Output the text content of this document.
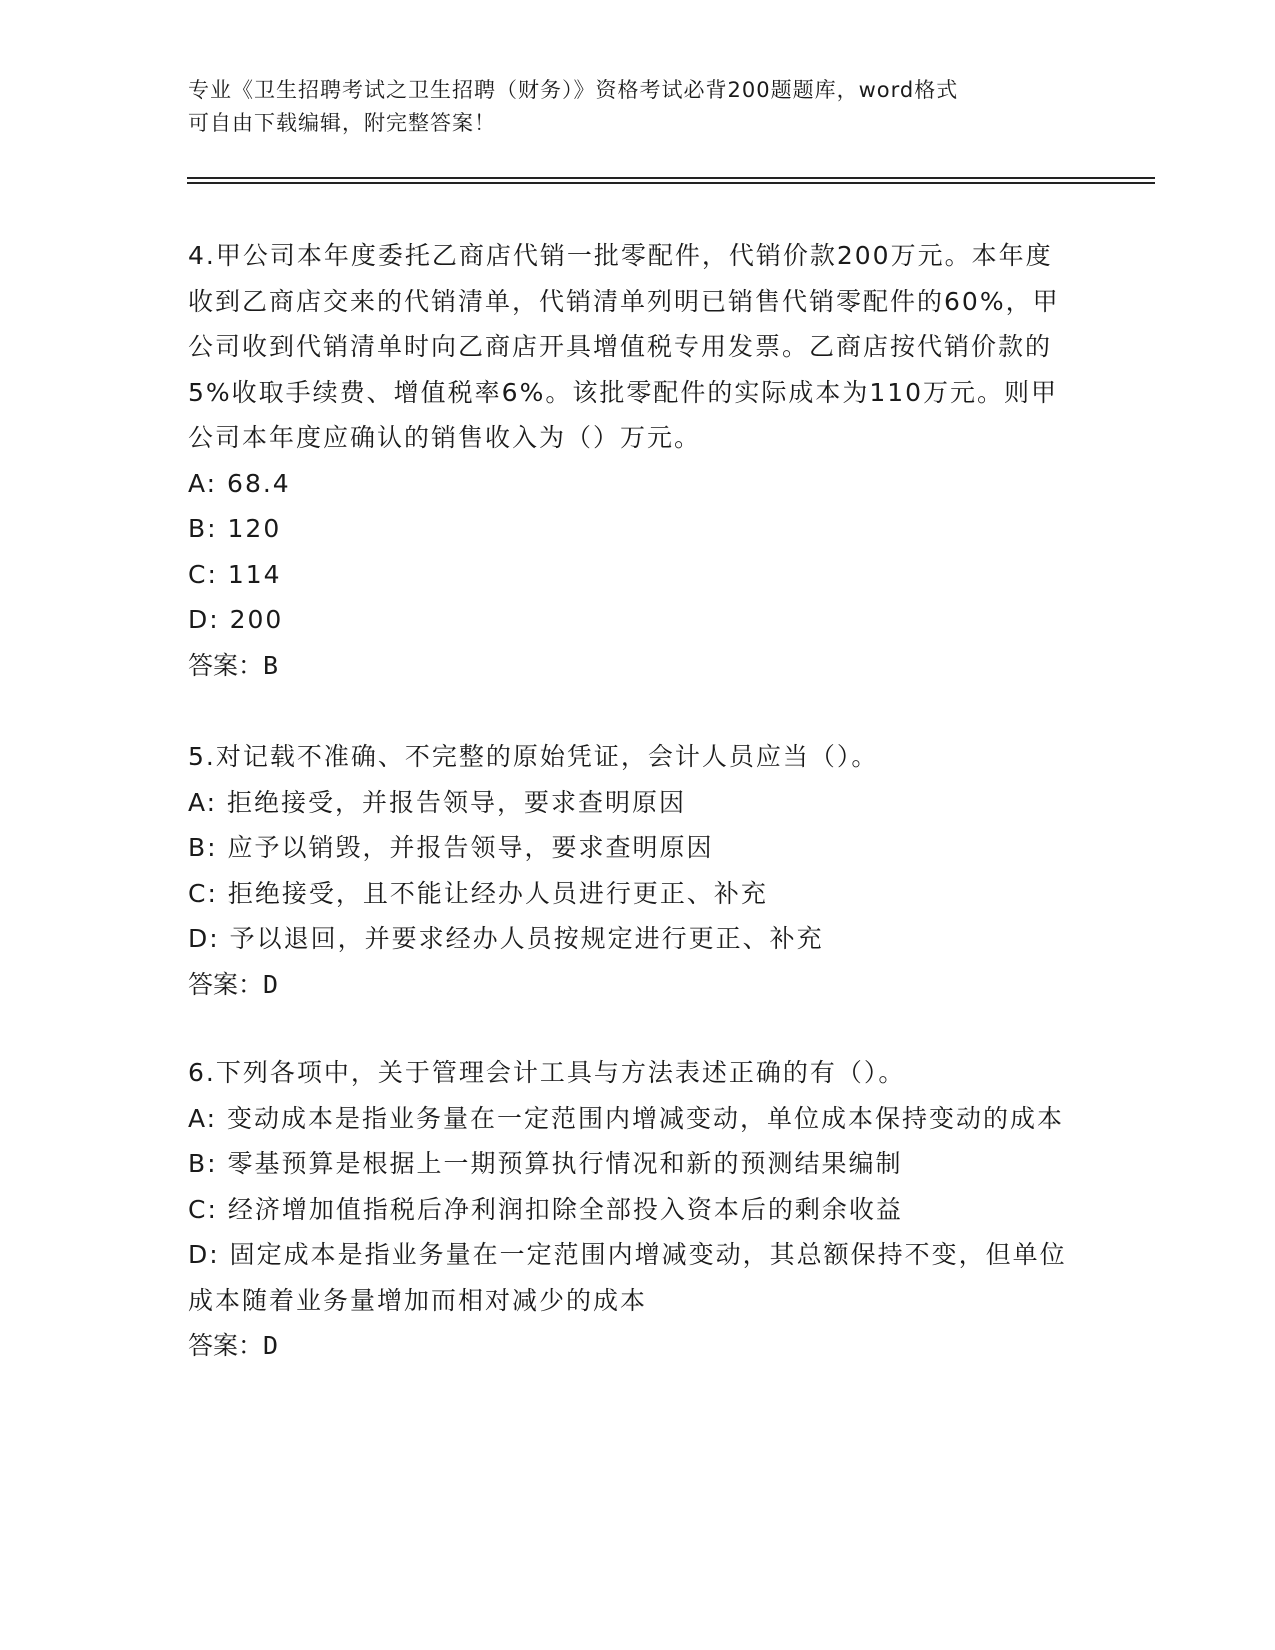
专业《卫生招聘考试之卫生招聘（财务）》资格考试必背200题题库，word格式
可自由下载编辑，附完整答案！

4.甲公司本年度委托乙商店代销一批零配件，代销价款200万元。本年度收到乙商店交来的代销清单，代销清单列明已销售代销零配件的60%，甲公司收到代销清单时向乙商店开具增值税专用发票。乙商店按代销价款的5%收取手续费、增值税率6%。该批零配件的实际成本为110万元。则甲公司本年度应确认的销售收入为（）万元。

A: 68.4

B: 120

C: 114

D: 200

答案：B

5.对记载不准确、不完整的原始凭证，会计人员应当（）。

A: 拒绝接受，并报告领导，要求查明原因

B: 应予以销毁，并报告领导，要求查明原因

C: 拒绝接受，且不能让经办人员进行更正、补充

D: 予以退回，并要求经办人员按规定进行更正、补充

答案：D

6.下列各项中，关于管理会计工具与方法表述正确的有（）。

A: 变动成本是指业务量在一定范围内增减变动，单位成本保持变动的成本

B: 零基预算是根据上一期预算执行情况和新的预测结果编制

C: 经济增加值指税后净利润扣除全部投入资本后的剩余收益

D: 固定成本是指业务量在一定范围内增减变动，其总额保持不变，但单位成本随着业务量增加而相对减少的成本

答案：D
